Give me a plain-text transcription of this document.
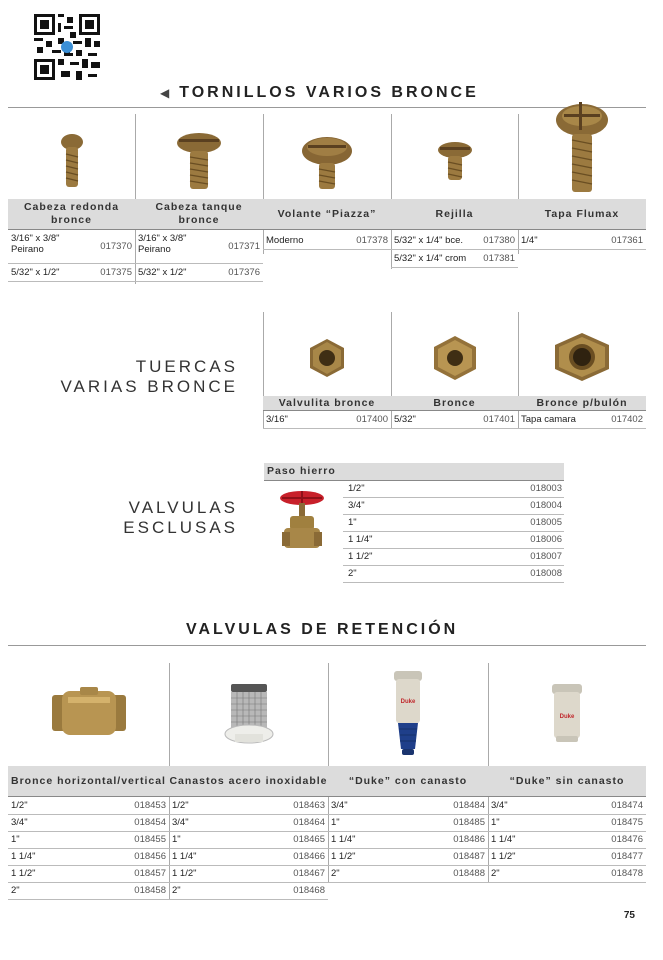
◀ TORNILLOS VARIOS BRONCE
Cabeza redonda bronce
3/16" x 3/8" Peirano	017370
5/32" x 1/2"	017375
Cabeza tanque bronce
3/16" x 3/8" Peirano	017371
5/32" x 1/2"	017376
Volante “Piazza”
Moderno	017378
Rejilla
5/32" x 1/4" bce. 017380
5/32" x 1/4" crom 017381
Tapa Flumax
1/4"	017361
TUERCAS
VARIAS BRONCE
Valvulita bronce
3/16"	017400
Bronce
5/32"	017401
Bronce p/bulón
Tapa camara	017402
VALVULAS
ESCLUSAS
Paso hierro
1/2"	018003
3/4"	018004
1"	018005
1 1/4"	018006
1 1/2"	018007
2"	018008
VALVULAS DE RETENCIÓN
Bronce horizontal/vertical
1/2"	018453
3/4"	018454
1"	018455
1 1/4"	018456
1 1/2"	018457
2"	018458
Canastos acero inoxidable
1/2"	018463
3/4"	018464
1"	018465
1 1/4"	018466
1 1/2"	018467
2"	018468
Duke
“Duke” con canasto
3/4"	018484
1"	018485
1 1/4"	018486
1 1/2"	018487
2"	018488
Duke
“Duke” sin canasto
3/4"	018474
1"	018475
1 1/4"	018476
1 1/2"	018477
2"	018478
75
